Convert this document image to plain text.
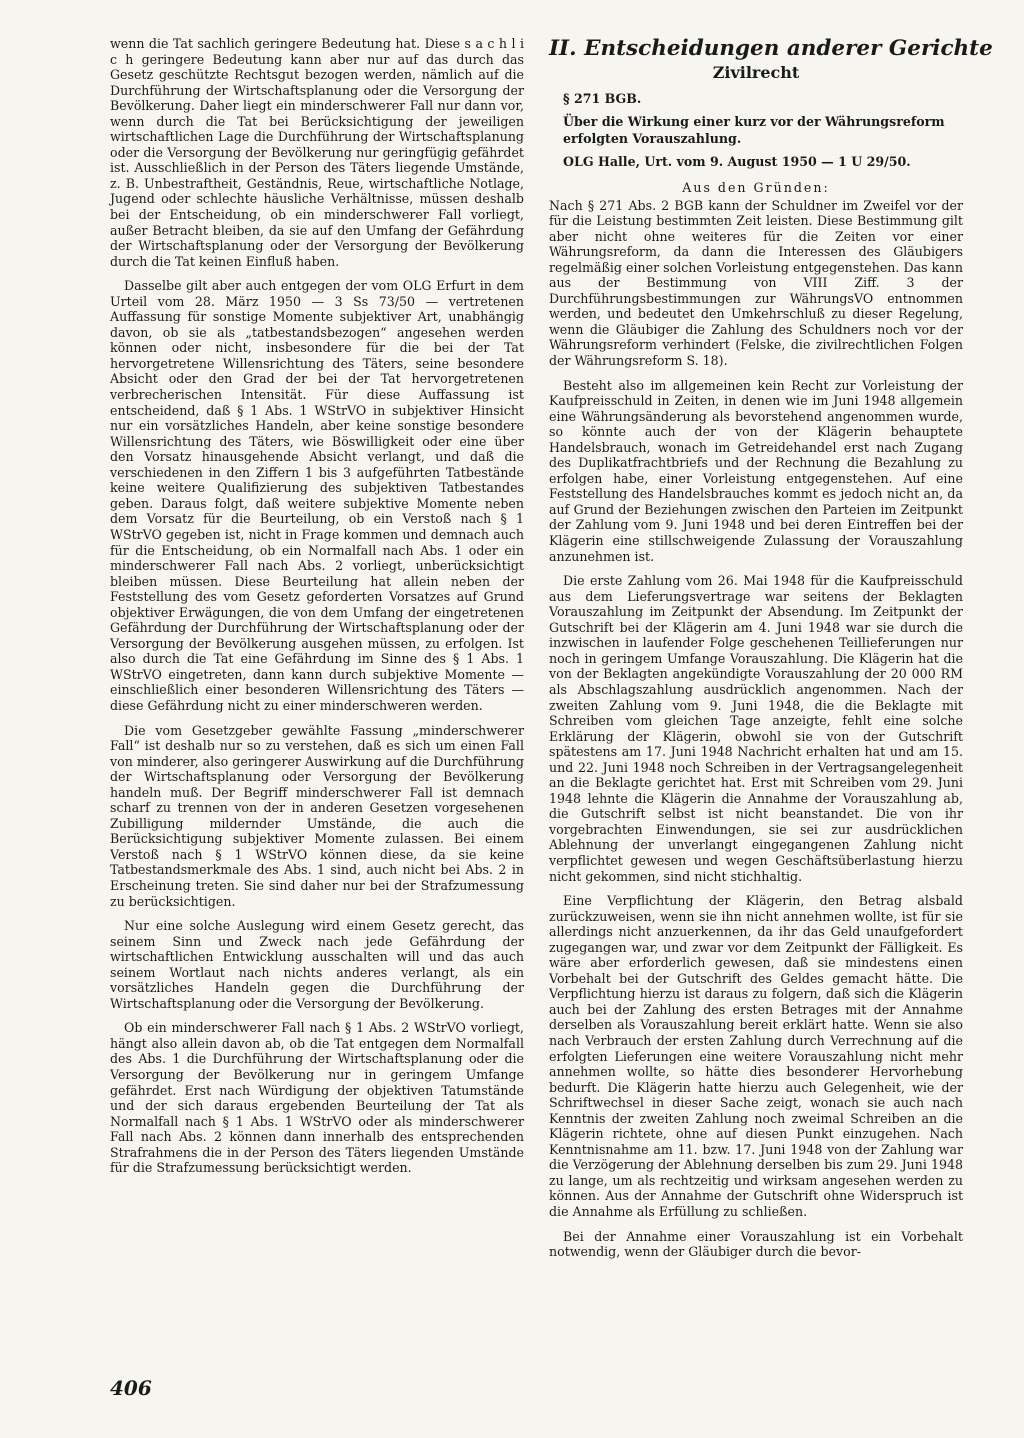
wenn die Tat sachlich geringere Bedeutung hat. Diese s a c h l i c h geringere Bedeutung kann aber nur auf das durch das Gesetz geschützte Rechtsgut bezogen werden, nämlich auf die Durchführung der Wirtschaftsplanung oder die Versorgung der Bevölkerung. Daher liegt ein minderschwerer Fall nur dann vor, wenn durch die Tat bei Berücksichtigung der jeweiligen wirtschaftlichen Lage die Durchführung der Wirtschaftsplanung oder die Versorgung der Bevölkerung nur geringfügig gefährdet ist. Ausschließlich in der Person des Täters liegende Umstände, z. B. Unbestraftheit, Geständnis, Reue, wirtschaftliche Notlage, Jugend oder schlechte häusliche Verhältnisse, müssen deshalb bei der Entscheidung, ob ein minderschwerer Fall vorliegt, außer Betracht bleiben, da sie auf den Umfang der Gefährdung der Wirtschaftsplanung oder der Versorgung der Bevölkerung durch die Tat keinen Einfluß haben.

Dasselbe gilt aber auch entgegen der vom OLG Erfurt in dem Urteil vom 28. März 1950 — 3 Ss 73/50 — vertretenen Auffassung für sonstige Momente subjektiver Art, unabhängig davon, ob sie als „tatbestandsbezogen“ angesehen werden können oder nicht, insbesondere für die bei der Tat hervorgetretene Willensrichtung des Täters, seine besondere Absicht oder den Grad der bei der Tat hervorgetretenen verbrecherischen Intensität. Für diese Auffassung ist entscheidend, daß § 1 Abs. 1 WStrVO in subjektiver Hinsicht nur ein vorsätzliches Handeln, aber keine sonstige besondere Willensrichtung des Täters, wie Böswilligkeit oder eine über den Vorsatz hinausgehende Absicht verlangt, und daß die verschiedenen in den Ziffern 1 bis 3 aufgeführten Tatbestände keine weitere Qualifizierung des subjektiven Tatbestandes geben. Daraus folgt, daß weitere subjektive Momente neben dem Vorsatz für die Beurteilung, ob ein Verstoß nach § 1 WStrVO gegeben ist, nicht in Frage kommen und demnach auch für die Entscheidung, ob ein Normalfall nach Abs. 1 oder ein minderschwerer Fall nach Abs. 2 vorliegt, unberücksichtigt bleiben müssen. Diese Beurteilung hat allein neben der Feststellung des vom Gesetz geforderten Vorsatzes auf Grund objektiver Erwägungen, die von dem Umfang der eingetretenen Gefährdung der Durchführung der Wirtschaftsplanung oder der Versorgung der Bevölkerung ausgehen müssen, zu erfolgen. Ist also durch die Tat eine Gefährdung im Sinne des § 1 Abs. 1 WStrVO eingetreten, dann kann durch subjektive Momente — einschließlich einer besonderen Willensrichtung des Täters — diese Gefährdung nicht zu einer minderschweren werden.

Die vom Gesetzgeber gewählte Fassung „minderschwerer Fall“ ist deshalb nur so zu verstehen, daß es sich um einen Fall von minderer, also geringerer Auswirkung auf die Durchführung der Wirtschaftsplanung oder Versorgung der Bevölkerung handeln muß. Der Begriff minderschwerer Fall ist demnach scharf zu trennen von der in anderen Gesetzen vorgesehenen Zubilligung mildernder Umstände, die auch die Berücksichtigung subjektiver Momente zulassen. Bei einem Verstoß nach § 1 WStrVO können diese, da sie keine Tatbestandsmerkmale des Abs. 1 sind, auch nicht bei Abs. 2 in Erscheinung treten. Sie sind daher nur bei der Strafzumessung zu berücksichtigen.

Nur eine solche Auslegung wird einem Gesetz gerecht, das seinem Sinn und Zweck nach jede Gefährdung der wirtschaftlichen Entwicklung ausschalten will und das auch seinem Wortlaut nach nichts anderes verlangt, als ein vorsätzliches Handeln gegen die Durchführung der Wirtschaftsplanung oder die Versorgung der Bevölkerung.

Ob ein minderschwerer Fall nach § 1 Abs. 2 WStrVO vorliegt, hängt also allein davon ab, ob die Tat entgegen dem Normalfall des Abs. 1 die Durchführung der Wirtschaftsplanung oder die Versorgung der Bevölkerung nur in geringem Umfange gefährdet. Erst nach Würdigung der objektiven Tatumstände und der sich daraus ergebenden Beurteilung der Tat als Normalfall nach § 1 Abs. 1 WStrVO oder als minderschwerer Fall nach Abs. 2 können dann innerhalb des entsprechenden Strafrahmens die in der Person des Täters liegenden Umstände für die Strafzumessung berücksichtigt werden.

II. Entscheidungen anderer Gerichte
Zivilrecht
§ 271 BGB.
Über die Wirkung einer kurz vor der Währungsreform erfolgten Vorauszahlung.
OLG Halle, Urt. vom 9. August 1950 — 1 U 29/50.
Aus den Gründen:

Nach § 271 Abs. 2 BGB kann der Schuldner im Zweifel vor der für die Leistung bestimmten Zeit leisten. Diese Bestimmung gilt aber nicht ohne weiteres für die Zeiten vor einer Währungsreform, da dann die Interessen des Gläubigers regelmäßig einer solchen Vorleistung entgegenstehen. Das kann aus der Bestimmung von VIII Ziff. 3 der Durchführungsbestimmungen zur WährungsVO entnommen werden, und bedeutet den Umkehrschluß zu dieser Regelung, wenn die Gläubiger die Zahlung des Schuldners noch vor der Währungsreform verhindert (Felske, die zivilrechtlichen Folgen der Währungsreform S. 18).

Besteht also im allgemeinen kein Recht zur Vorleistung der Kaufpreisschuld in Zeiten, in denen wie im Juni 1948 allgemein eine Währungsänderung als bevorstehend angenommen wurde, so könnte auch der von der Klägerin behauptete Handelsbrauch, wonach im Getreidehandel erst nach Zugang des Duplikatfrachtbriefs und der Rechnung die Bezahlung zu erfolgen habe, einer Vorleistung entgegenstehen. Auf eine Feststellung des Handelsbrauches kommt es jedoch nicht an, da auf Grund der Beziehungen zwischen den Parteien im Zeitpunkt der Zahlung vom 9. Juni 1948 und bei deren Eintreffen bei der Klägerin eine stillschweigende Zulassung der Vorauszahlung anzunehmen ist.

Die erste Zahlung vom 26. Mai 1948 für die Kaufpreisschuld aus dem Lieferungsvertrage war seitens der Beklagten Vorauszahlung im Zeitpunkt der Absendung. Im Zeitpunkt der Gutschrift bei der Klägerin am 4. Juni 1948 war sie durch die inzwischen in laufender Folge geschehenen Teillieferungen nur noch in geringem Umfange Vorauszahlung. Die Klägerin hat die von der Beklagten angekündigte Vorauszahlung der 20 000 RM als Abschlagszahlung ausdrücklich angenommen. Nach der zweiten Zahlung vom 9. Juni 1948, die die Beklagte mit Schreiben vom gleichen Tage anzeigte, fehlt eine solche Erklärung der Klägerin, obwohl sie von der Gutschrift spätestens am 17. Juni 1948 Nachricht erhalten hat und am 15. und 22. Juni 1948 noch Schreiben in der Vertragsangelegenheit an die Beklagte gerichtet hat. Erst mit Schreiben vom 29. Juni 1948 lehnte die Klägerin die Annahme der Vorauszahlung ab, die Gutschrift selbst ist nicht beanstandet. Die von ihr vorgebrachten Einwendungen, sie sei zur ausdrücklichen Ablehnung der unverlangt eingegangenen Zahlung nicht verpflichtet gewesen und wegen Geschäftsüberlastung hierzu nicht gekommen, sind nicht stichhaltig.

Eine Verpflichtung der Klägerin, den Betrag alsbald zurückzuweisen, wenn sie ihn nicht annehmen wollte, ist für sie allerdings nicht anzuerkennen, da ihr das Geld unaufgefordert zugegangen war, und zwar vor dem Zeitpunkt der Fälligkeit. Es wäre aber erforderlich gewesen, daß sie mindestens einen Vorbehalt bei der Gutschrift des Geldes gemacht hätte. Die Verpflichtung hierzu ist daraus zu folgern, daß sich die Klägerin auch bei der Zahlung des ersten Betrages mit der Annahme derselben als Vorauszahlung bereit erklärt hatte. Wenn sie also nach Verbrauch der ersten Zahlung durch Verrechnung auf die erfolgten Lieferungen eine weitere Vorauszahlung nicht mehr annehmen wollte, so hätte dies besonderer Hervorhebung bedurft. Die Klägerin hatte hierzu auch Gelegenheit, wie der Schriftwechsel in dieser Sache zeigt, wonach sie auch nach Kenntnis der zweiten Zahlung noch zweimal Schreiben an die Klägerin richtete, ohne auf diesen Punkt einzugehen. Nach Kenntnisnahme am 11. bzw. 17. Juni 1948 von der Zahlung war die Verzögerung der Ablehnung derselben bis zum 29. Juni 1948 zu lange, um als rechtzeitig und wirksam angesehen werden zu können. Aus der Annahme der Gutschrift ohne Widerspruch ist die Annahme als Erfüllung zu schließen.

Bei der Annahme einer Vorauszahlung ist ein Vorbehalt notwendig, wenn der Gläubiger durch die bevor-

406
